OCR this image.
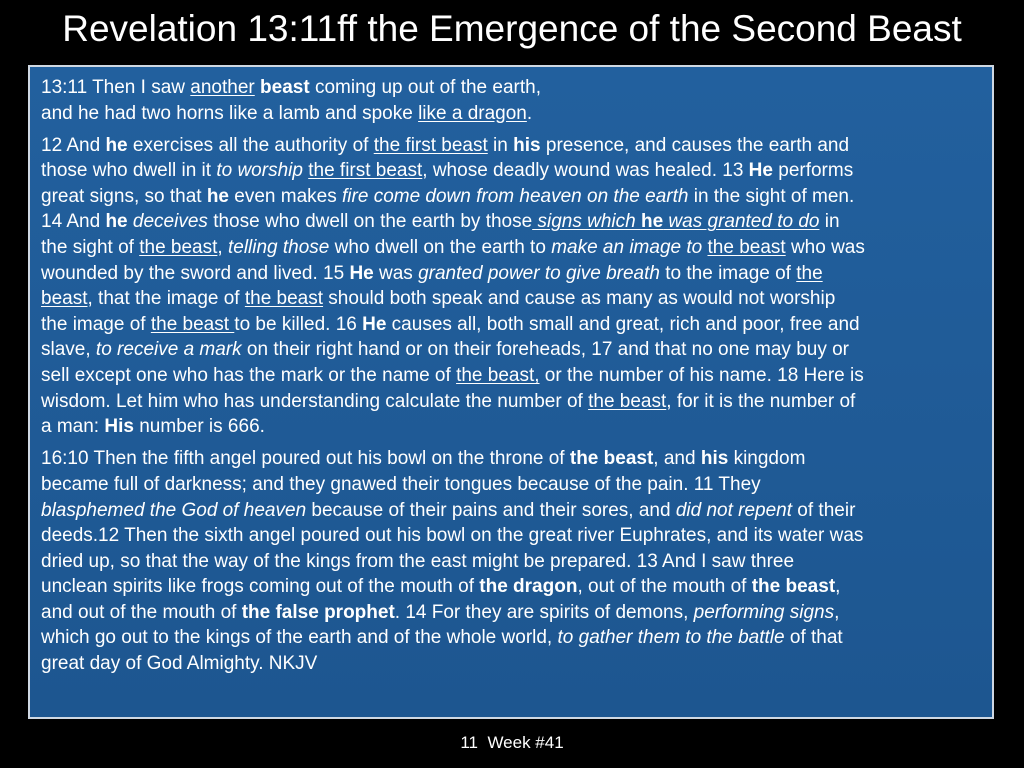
Revelation 13:11ff the Emergence of the Second Beast
13:11 Then I saw another beast coming up out of the earth,
and he had two horns like a lamb and spoke like a dragon.
12 And he exercises all the authority of the first beast in his presence, and causes the earth and
those who dwell in it to worship the first beast, whose deadly wound was healed. 13 He performs
great signs, so that he even makes fire come down from heaven on the earth in the sight of men.
14 And he deceives those who dwell on the earth by those signs which he was granted to do in
the sight of the beast, telling those who dwell on the earth to make an image to the beast who was
wounded by the sword and lived. 15 He was granted power to give breath to the image of the
beast, that the image of the beast should both speak and cause as many as would not worship
the image of the beast to be killed. 16 He causes all, both small and great, rich and poor, free and
slave, to receive a mark on their right hand or on their foreheads, 17 and that no one may buy or
sell except one who has the mark or the name of the beast, or the number of his name. 18 Here is
wisdom. Let him who has understanding calculate the number of the beast, for it is the number of
a man: His number is 666.
16:10 Then the fifth angel poured out his bowl on the throne of the beast, and his kingdom
became full of darkness; and they gnawed their tongues because of the pain. 11 They
blasphemed the God of heaven because of their pains and their sores, and did not repent of their
deeds.12 Then the sixth angel poured out his bowl on the great river Euphrates, and its water was
dried up, so that the way of the kings from the east might be prepared. 13 And I saw three
unclean spirits like frogs coming out of the mouth of the dragon, out of the mouth of the beast,
and out of the mouth of the false prophet. 14 For they are spirits of demons, performing signs,
which go out to the kings of the earth and of the whole world, to gather them to the battle of that
great day of God Almighty. NKJV
11 Week #41
